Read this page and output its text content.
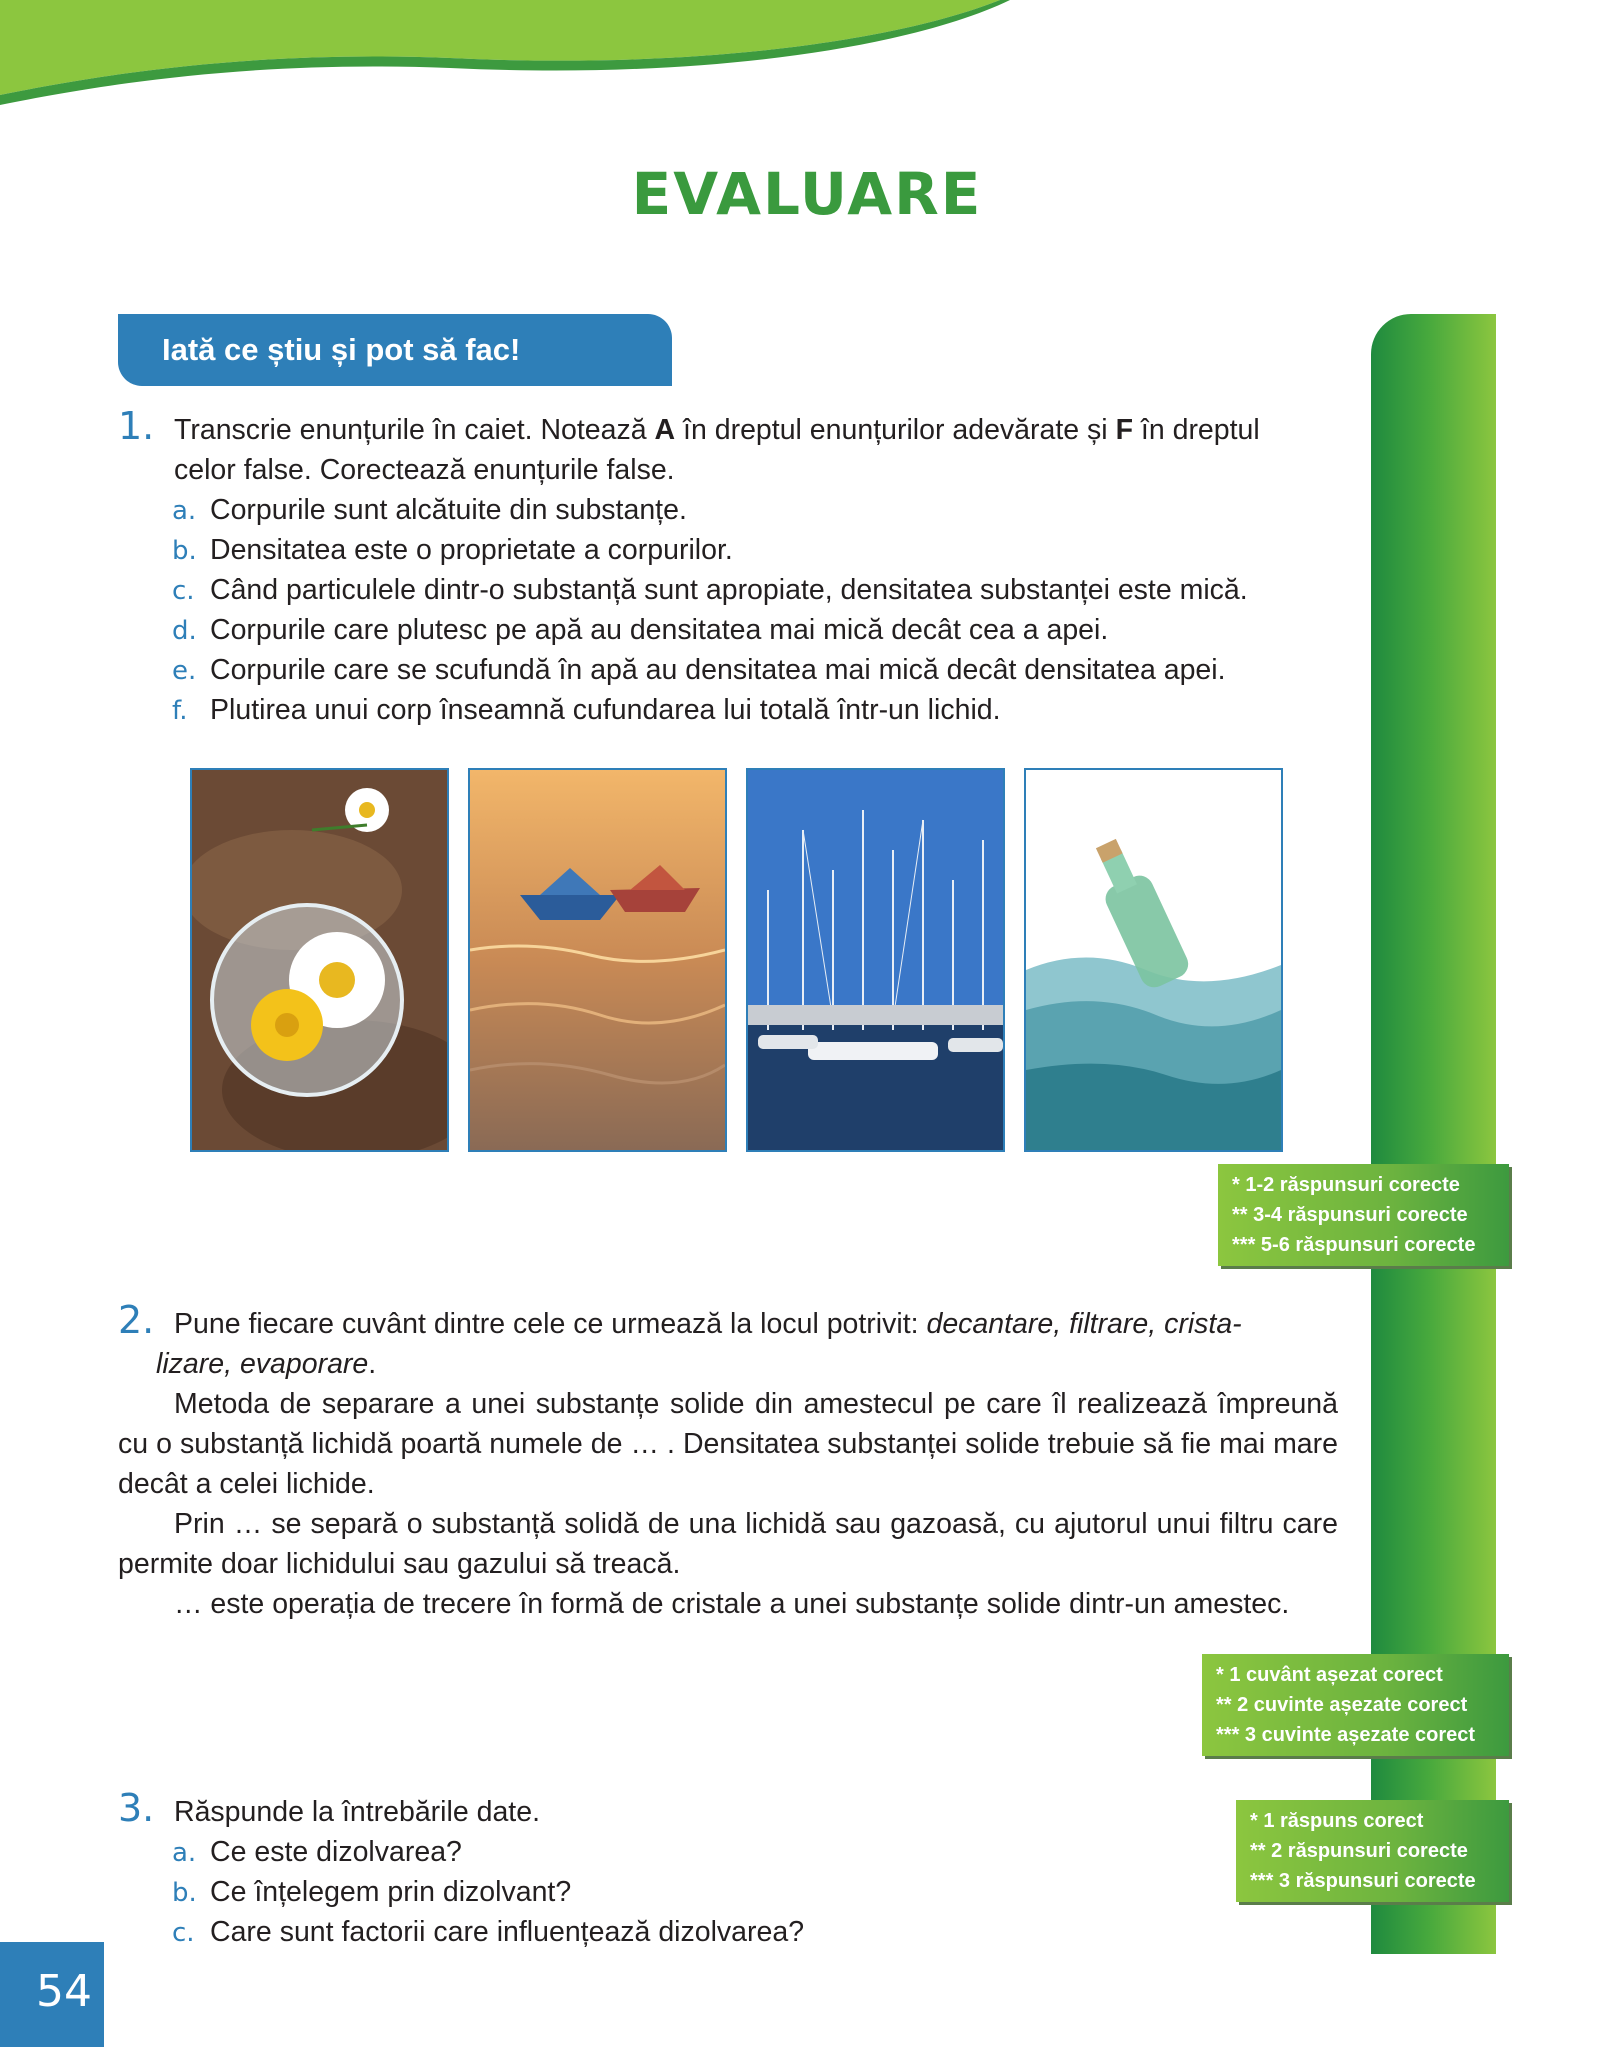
EVALUARE
Iată ce știu și pot să fac!
1. Transcrie enunțurile în caiet. Notează A în dreptul enunțurilor adevărate și F în dreptul
celor false. Corectează enunțurile false.
a. Corpurile sunt alcătuite din substanțe.
b. Densitatea este o proprietate a corpurilor.
c. Când particulele dintr-o substanță sunt apropiate, densitatea substanței este mică.
d. Corpurile care plutesc pe apă au densitatea mai mică decât cea a apei.
e. Corpurile care se scufundă în apă au densitatea mai mică decât densitatea apei.
f. Plutirea unui corp înseamnă cufundarea lui totală într-un lichid.
* 1-2 răspunsuri corecte
** 3-4 răspunsuri corecte
*** 5-6 răspunsuri corecte
2. Pune fiecare cuvânt dintre cele ce urmează la locul potrivit: decantare, filtrare, crista-
lizare, evaporare.
Metoda de separare a unei substanțe solide din amestecul pe care îl realizează împreună cu o substanță lichidă poartă numele de … . Densitatea substanței solide trebuie să fie mai mare decât a celei lichide.
Prin … se separă o substanță solidă de una lichidă sau gazoasă, cu ajutorul unui filtru care permite doar lichidului sau gazului să treacă.
… este operația de trecere în formă de cristale a unei substanțe solide dintr-un amestec.
* 1 cuvânt așezat corect
** 2 cuvinte așezate corect
*** 3 cuvinte așezate corect
3. Răspunde la întrebările date.
a. Ce este dizolvarea?
b. Ce înțelegem prin dizolvant?
c. Care sunt factorii care influențează dizolvarea?
* 1 răspuns corect
** 2 răspunsuri corecte
*** 3 răspunsuri corecte
54
